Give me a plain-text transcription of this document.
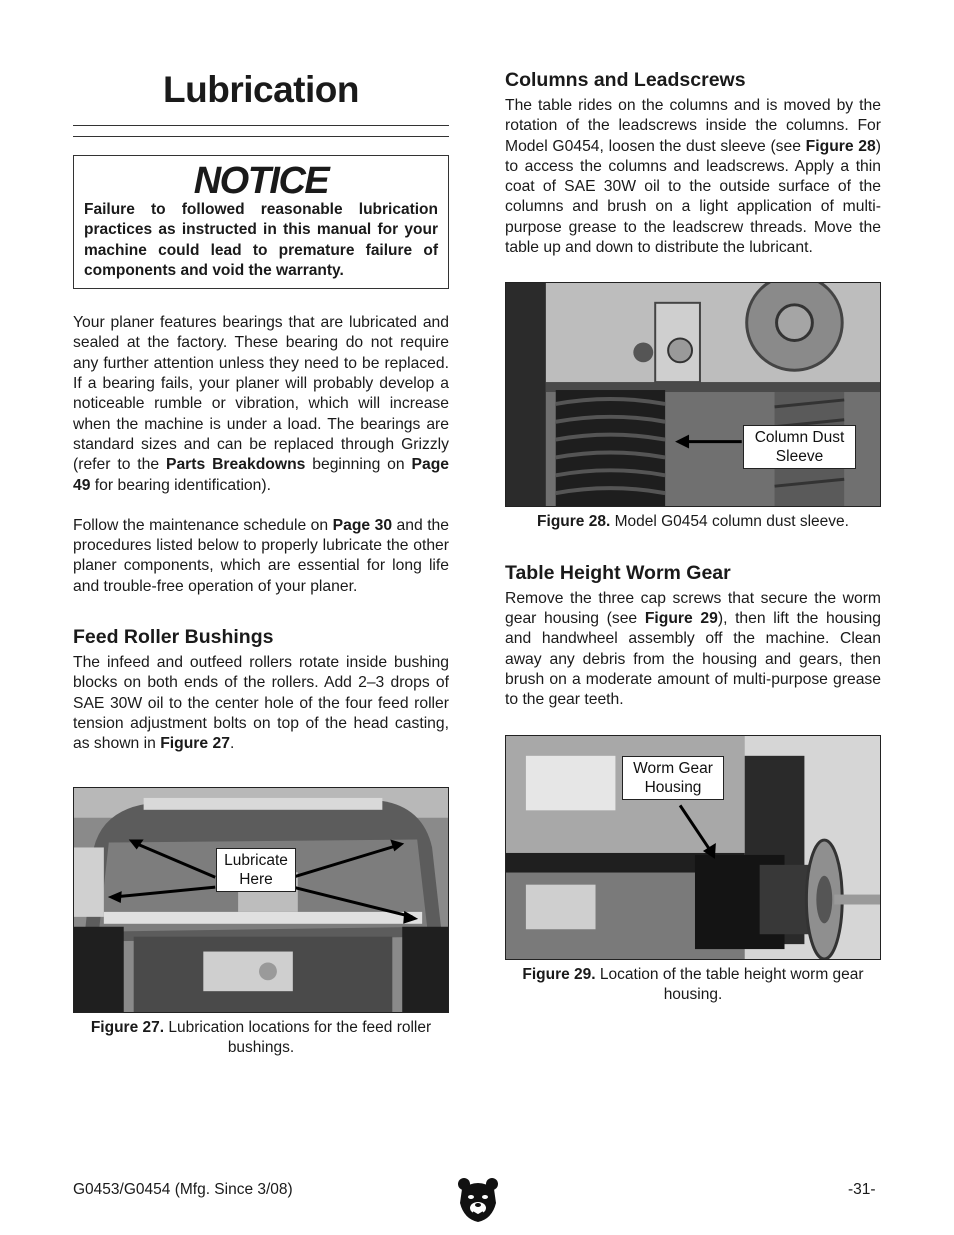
Lubrication
NOTICE

Failure to followed reasonable lubrication practices as instructed in this manual for your machine could lead to premature failure of components and void the warranty.

Your planer features bearings that are lubricated and sealed at the factory. These bearing do not require any further attention unless they need to be replaced. If a bearing fails, your planer will probably develop a noticeable rumble or vibration, which will increase when the machine is under a load. The bearings are standard sizes and can be replaced through Grizzly (refer to the Parts Breakdowns beginning on Page 49 for bearing identification).

Follow the maintenance schedule on Page 30 and the procedures listed below to properly lubricate the other planer components, which are essential for long life and trouble-free operation of your planer.

Feed Roller Bushings

The infeed and outfeed rollers rotate inside bushing blocks on both ends of the rollers. Add 2–3 drops of SAE 30W oil to the center hole of the four feed roller tension adjustment bolts on top of the head casting, as shown in Figure 27.

Lubricate Here

Figure 27. Lubrication locations for the feed roller bushings.

Columns and Leadscrews

The table rides on the columns and is moved by the rotation of the leadscrews inside the columns. For Model G0454, loosen the dust sleeve (see Figure 28) to access the columns and leadscrews. Apply a thin coat of SAE 30W oil to the outside surface of the columns and brush on a light application of multi-purpose grease to the leadscrew threads. Move the table up and down to distribute the lubricant.

Column Dust Sleeve

Figure 28. Model G0454 column dust sleeve.

Table Height Worm Gear

Remove the three cap screws that secure the worm gear housing (see Figure 29), then lift the housing and handwheel assembly off the machine. Clean away any debris from the housing and gears, then brush on a moderate amount of multi-purpose grease to the gear teeth.

Worm Gear Housing

Figure 29. Location of the table height worm gear housing.

G0453/G0454 (Mfg. Since 3/08)	-31-
